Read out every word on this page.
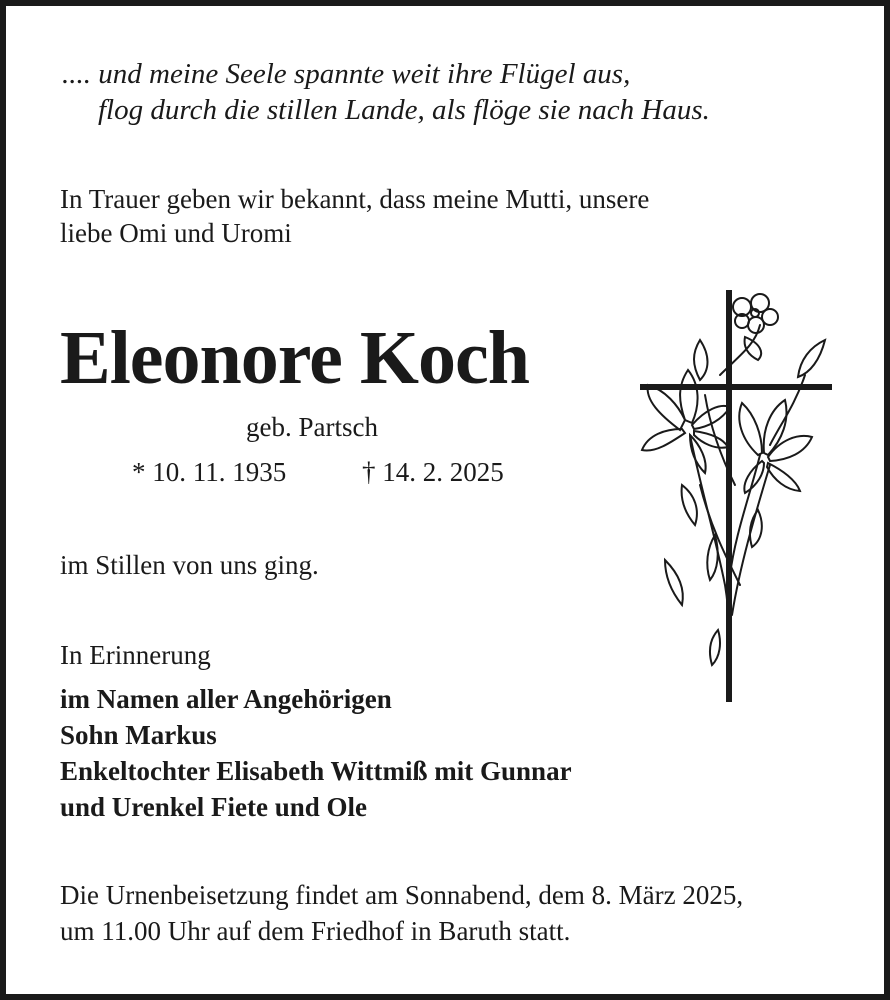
.... und meine Seele spannte weit ihre Flügel aus,
flog durch die stillen Lande, als flöge sie nach Haus.
In Trauer geben wir bekannt, dass meine Mutti, unsere
liebe Omi und Uromi
Eleonore Koch
geb. Partsch
* 10. 11. 1935	† 14. 2. 2025
im Stillen von uns ging.
In Erinnerung
im Namen aller Angehörigen
Sohn Markus
Enkeltochter Elisabeth Wittmiß mit Gunnar
und Urenkel Fiete und Ole
Die Urnenbeisetzung findet am Sonnabend, dem 8. März 2025,
um 11.00 Uhr auf dem Friedhof in Baruth statt.
